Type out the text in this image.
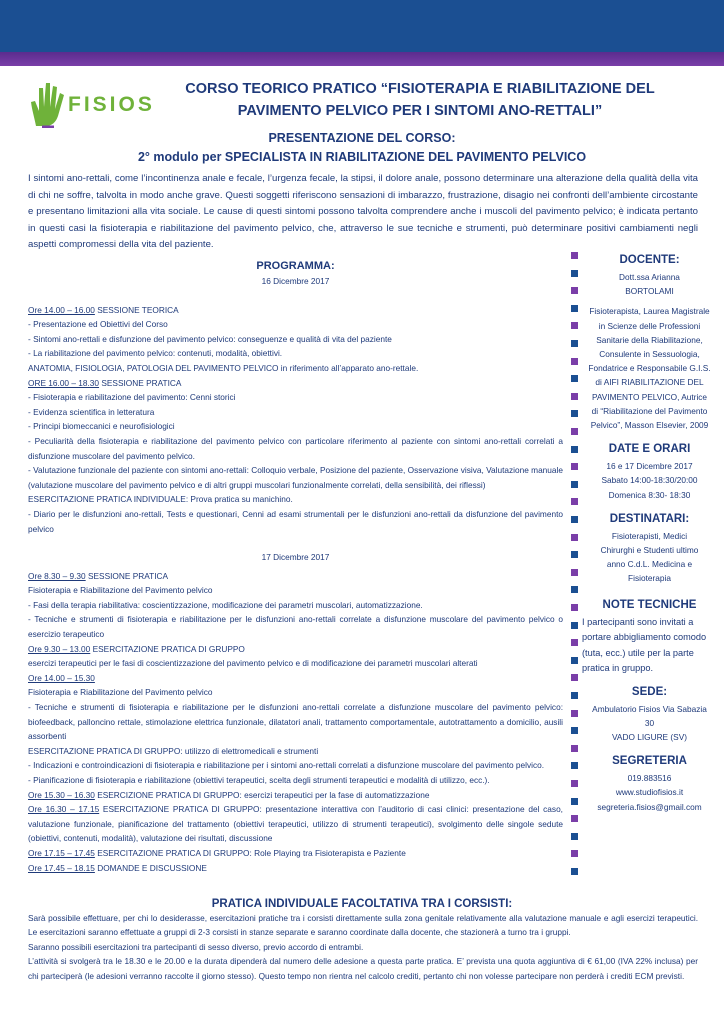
FISIOS
CORSO TEORICO PRATICO “FISIOTERAPIA E RIABILITAZIONE DEL
PAVIMENTO PELVICO PER I SINTOMI ANO-RETTALI”
PRESENTAZIONE DEL CORSO:
2° modulo per SPECIALISTA IN RIABILITAZIONE DEL PAVIMENTO PELVICO
I sintomi ano-rettali, come l’incontinenza anale e fecale, l’urgenza fecale, la stipsi, il dolore anale, possono determinare una alterazione della qualità della vita di chi ne soffre, talvolta in modo anche grave. Questi soggetti riferiscono sensazioni di imbarazzo, frustrazione, disagio nei confronti dell’ambiente circostante e presentano limitazioni alla vita sociale. Le cause di questi sintomi possono talvolta comprendere anche i muscoli del pavimento pelvico; è indicata pertanto in questi casi la fisioterapia e riabilitazione del pavimento pelvico, che, attraverso le sue tecniche e strumenti, può determinare positivi cambiamenti negli aspetti compromessi della vita del paziente.

PROGRAMMA:

16 Dicembre 2017

Ore 14.00 – 16.00 SESSIONE TEORICA

- Presentazione ed Obiettivi del Corso

- Sintomi ano-rettali e disfunzione del pavimento pelvico: conseguenze e qualità di vita del paziente

- La riabilitazione del pavimento pelvico: contenuti, modalità, obiettivi.

ANATOMIA, FISIOLOGIA, PATOLOGIA DEL PAVIMENTO PELVICO in riferimento all’apparato ano-rettale.

ORE 16.00 – 18.30 SESSIONE PRATICA

- Fisioterapia e riabilitazione del pavimento: Cenni storici

- Evidenza scientifica in letteratura

- Principi biomeccanici e neurofisiologici

- Peculiarità della fisioterapia e riabilitazione del pavimento pelvico con particolare riferimento al paziente con sintomi ano-rettali correlati a disfunzione muscolare del pavimento pelvico.

- Valutazione funzionale del paziente con sintomi ano-rettali: Colloquio verbale, Posizione del paziente, Osservazione visiva, Valutazione manuale (valutazione muscolare del pavimento pelvico e di altri gruppi muscolari funzionalmente correlati, della sensibilità, dei riflessi)

ESERCITAZIONE PRATICA INDIVIDUALE: Prova pratica su manichino.

- Diario per le disfunzioni ano-rettali, Tests e questionari, Cenni ad esami strumentali per le disfunzioni ano-rettali da disfunzione del pavimento pelvico

17 Dicembre 2017

Ore 8.30 – 9.30 SESSIONE PRATICA

Fisioterapia e Riabilitazione del Pavimento pelvico

- Fasi della terapia riabilitativa: coscientizzazione, modificazione dei parametri muscolari, automatizzazione.

- Tecniche e strumenti di fisioterapia e riabilitazione per le disfunzioni ano-rettali correlate a disfunzione muscolare del pavimento pelvico o esercizio terapeutico

Ore 9.30 – 13.00 ESERCITAZIONE PRATICA DI GRUPPO

esercizi terapeutici per le fasi di coscientizzazione del pavimento pelvico e di modificazione dei parametri muscolari alterati

Ore 14.00 – 15.30

Fisioterapia e Riabilitazione del Pavimento pelvico

- Tecniche e strumenti di fisioterapia e riabilitazione per le disfunzioni ano-rettali correlate a disfunzione muscolare del pavimento pelvico: biofeedback, palloncino rettale, stimolazione elettrica funzionale, dilatatori anali, trattamento comportamentale, autotrattamento a domicilio, ausili assorbenti

ESERCITAZIONE PRATICA DI GRUPPO: utilizzo di elettromedicali e strumenti

- Indicazioni e controindicazioni di fisioterapia e riabilitazione per i sintomi ano-rettali correlati a disfunzione muscolare del pavimento pelvico.

- Pianificazione di fisioterapia e riabilitazione (obiettivi terapeutici, scelta degli strumenti terapeutici e modalità di utilizzo, ecc.).

Ore 15.30 – 16.30 ESERCIZIONE PRATICA DI GRUPPO: esercizi terapeutici per la fase di automatizzazione

Ore 16.30 – 17.15 ESERCITAZIONE PRATICA DI GRUPPO: presentazione interattiva con l’auditorio di casi clinici: presentazione del caso, valutazione funzionale, pianificazione del trattamento (obiettivi terapeutici, utilizzo di strumenti terapeutici), svolgimento delle singole sedute (obiettivi, contenuti, modalità), valutazione dei risultati, discussione

Ore 17.15 – 17.45 ESERCITAZIONE PRATICA DI GRUPPO: Role Playing tra Fisioterapista e Paziente

Ore 17.45 – 18.15 DOMANDE E DISCUSSIONE

DOCENTE:
Dott.ssa Arianna
BORTOLAMI
Fisioterapista, Laurea Magistrale in Scienze delle Professioni Sanitarie della Riabilitazione, Consulente in Sessuologia, Fondatrice e Responsabile G.I.S. di AIFI RIABILITAZIONE DEL PAVIMENTO PELVICO, Autrice di “Riabilitazione del Pavimento Pelvico”, Masson Elsevier, 2009
DATE E ORARI
16 e 17 Dicembre 2017
Sabato 14:00-18:30/20:00
Domenica 8:30- 18:30
DESTINATARI:
Fisioterapisti, Medici Chirurghi e Studenti ultimo anno C.d.L. Medicina e Fisioterapia
NOTE TECNICHE
I partecipanti sono invitati a portare abbigliamento comodo (tuta, ecc.) utile per la parte pratica in gruppo.
SEDE:
Ambulatorio Fisios Via Sabazia 30
VADO LIGURE (SV)
SEGRETERIA
019.883516
www.studiofisios.it
segreteria.fisios@gmail.com
PRATICA INDIVIDUALE FACOLTATIVA TRA I CORSISTI:

Sarà possibile effettuare, per chi lo desiderasse, esercitazioni pratiche tra i corsisti direttamente sulla zona genitale relativamente alla valutazione manuale e agli esercizi terapeutici. Le esercitazioni saranno effettuate a gruppi di 2-3 corsisti in stanze separate e saranno coordinate dalla docente, che stazionerà a turno tra i gruppi.

Saranno possibili esercitazioni tra partecipanti di sesso diverso, previo accordo di entrambi.

L’attività si svolgerà tra le 18.30 e le 20.00 e la durata dipenderà dal numero delle adesione a questa parte pratica. E’ prevista una quota aggiuntiva di € 61,00 (IVA 22% inclusa) per chi parteciperà (le adesioni verranno raccolte il giorno stesso). Questo tempo non rientra nel calcolo crediti, pertanto chi non volesse partecipare non perderà i crediti ECM previsti.
